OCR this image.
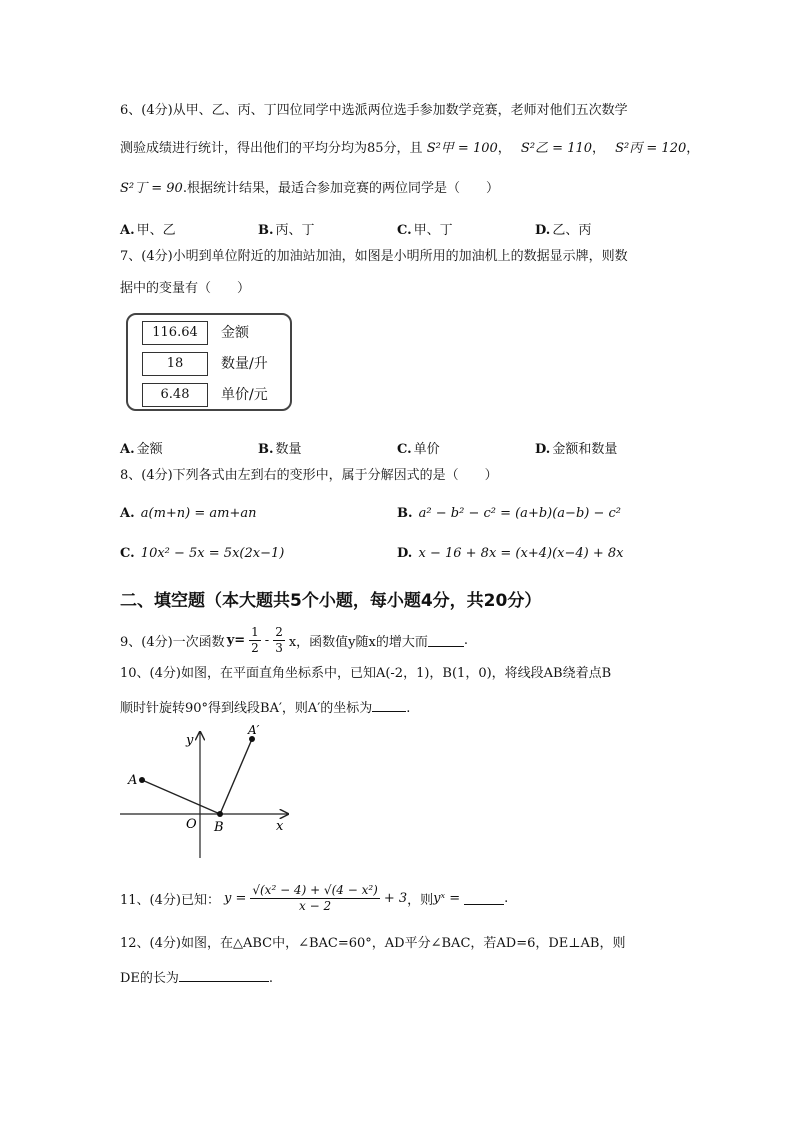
6、(4分)从甲、乙、丙、丁四位同学中选派两位选手参加数学竞赛，老师对他们五次数学
测验成绩进行统计，得出他们的平均分均为85分，且 S²甲 = 100， S²乙 = 110， S²丙 = 120，
S²丁 = 90.根据统计结果，最适合参加竞赛的两位同学是（　　）
A. 甲、乙	B. 丙、丁	C. 甲、丁	D. 乙、丙
7、(4分)小明到单位附近的加油站加油，如图是小明所用的加油机上的数据显示牌，则数
据中的变量有（　　）
116.64	金额
18	数量/升
6.48	单价/元
A. 金额	B. 数量	C. 单价	D. 金额和数量
8、(4分)下列各式由左到右的变形中，属于分解因式的是（　　）
A. a(m+n) = am+an	B. a² − b² − c² = (a+b)(a−b) − c²
C. 10x² − 5x = 5x(2x−1)	D. x − 16 + 8x = (x+4)(x−4) + 8x
二、填空题（本大题共5个小题，每小题4分，共20分）
9、(4分)一次函数 $y= \frac{1}{2} - \frac{2}{3}$ x，函数值y随x的增大而	.
10、(4分)如图，在平面直角坐标系中，已知A(-2，1)，B(1，0)，将线段AB绕着点B
顺时针旋转90°得到线段BA′，则A′的坐标为	.
y
x
O B
A
A′
11、(4分)已知： $y = \frac{\text{√(x² − 4) + √(4 − x²)}}{x - 2} + 3$ ，则 yˣ =	.
12、(4分)如图，在△ABC中，∠BAC=60°，AD平分∠BAC，若AD=6，DE⊥AB，则
DE的长为	.
